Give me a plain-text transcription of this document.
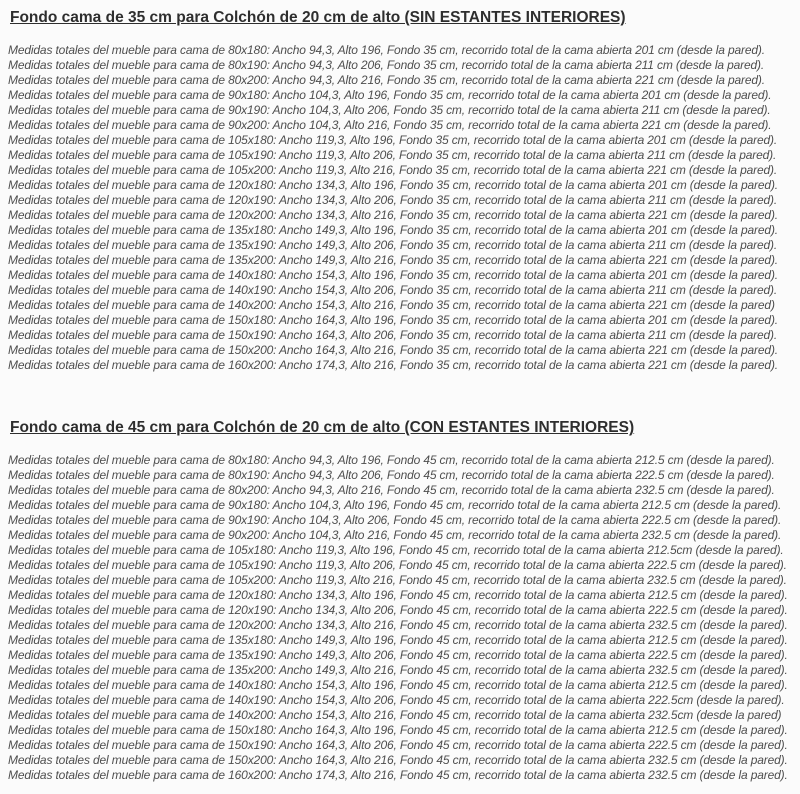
Fondo cama de 35 cm para Colchón de 20 cm de alto (SIN ESTANTES INTERIORES)

Medidas totales del mueble para cama de 80x180: Ancho 94,3, Alto 196, Fondo 35 cm, recorrido total de la cama abierta 201 cm (desde la pared).

Medidas totales del mueble para cama de 80x190: Ancho 94,3, Alto 206, Fondo 35 cm, recorrido total de la cama abierta 211 cm (desde la pared).

Medidas totales del mueble para cama de 80x200: Ancho 94,3, Alto 216, Fondo 35 cm, recorrido total de la cama abierta 221 cm (desde la pared).

Medidas totales del mueble para cama de 90x180: Ancho 104,3, Alto 196, Fondo 35 cm, recorrido total de la cama abierta 201 cm (desde la pared).

Medidas totales del mueble para cama de 90x190: Ancho 104,3, Alto 206, Fondo 35 cm, recorrido total de la cama abierta 211 cm (desde la pared).

Medidas totales del mueble para cama de 90x200: Ancho 104,3, Alto 216, Fondo 35 cm, recorrido total de la cama abierta 221 cm (desde la pared).

Medidas totales del mueble para cama de 105x180: Ancho 119,3, Alto 196, Fondo 35 cm, recorrido total de la cama abierta 201 cm (desde la pared).

Medidas totales del mueble para cama de 105x190: Ancho 119,3, Alto 206, Fondo 35 cm, recorrido total de la cama abierta 211 cm (desde la pared).

Medidas totales del mueble para cama de 105x200: Ancho 119,3, Alto 216, Fondo 35 cm, recorrido total de la cama abierta 221 cm (desde la pared).

Medidas totales del mueble para cama de 120x180: Ancho 134,3, Alto 196, Fondo 35 cm, recorrido total de la cama abierta 201 cm (desde la pared).

Medidas totales del mueble para cama de 120x190: Ancho 134,3, Alto 206, Fondo 35 cm, recorrido total de la cama abierta 211 cm (desde la pared).

Medidas totales del mueble para cama de 120x200: Ancho 134,3, Alto 216, Fondo 35 cm, recorrido total de la cama abierta 221 cm (desde la pared).

Medidas totales del mueble para cama de 135x180: Ancho 149,3, Alto 196, Fondo 35 cm, recorrido total de la cama abierta 201 cm (desde la pared).

Medidas totales del mueble para cama de 135x190: Ancho 149,3, Alto 206, Fondo 35 cm, recorrido total de la cama abierta 211 cm (desde la pared).

Medidas totales del mueble para cama de 135x200: Ancho 149,3, Alto 216, Fondo 35 cm, recorrido total de la cama abierta 221 cm (desde la pared).

Medidas totales del mueble para cama de 140x180: Ancho 154,3, Alto 196, Fondo 35 cm, recorrido total de la cama abierta 201 cm (desde la pared).

Medidas totales del mueble para cama de 140x190: Ancho 154,3, Alto 206, Fondo 35 cm, recorrido total de la cama abierta 211 cm (desde la pared).

Medidas totales del mueble para cama de 140x200: Ancho 154,3, Alto 216, Fondo 35 cm, recorrido total de la cama abierta 221 cm (desde la pared)

Medidas totales del mueble para cama de 150x180: Ancho 164,3, Alto 196, Fondo 35 cm, recorrido total de la cama abierta 201 cm (desde la pared).

Medidas totales del mueble para cama de 150x190: Ancho 164,3, Alto 206, Fondo 35 cm, recorrido total de la cama abierta 211 cm (desde la pared).

Medidas totales del mueble para cama de 150x200: Ancho 164,3, Alto 216, Fondo 35 cm, recorrido total de la cama abierta 221 cm (desde la pared).

Medidas totales del mueble para cama de 160x200: Ancho 174,3, Alto 216, Fondo 35 cm, recorrido total de la cama abierta 221 cm (desde la pared).

Fondo cama de 45 cm para Colchón de 20 cm de alto (CON ESTANTES INTERIORES)

Medidas totales del mueble para cama de 80x180: Ancho 94,3, Alto 196, Fondo 45 cm, recorrido total de la cama abierta 212.5 cm (desde la pared).

Medidas totales del mueble para cama de 80x190: Ancho 94,3, Alto 206, Fondo 45 cm, recorrido total de la cama abierta 222.5 cm (desde la pared).

Medidas totales del mueble para cama de 80x200: Ancho 94,3, Alto 216, Fondo 45 cm, recorrido total de la cama abierta 232.5 cm (desde la pared).

Medidas totales del mueble para cama de 90x180: Ancho 104,3, Alto 196, Fondo 45 cm, recorrido total de la cama abierta 212.5 cm (desde la pared).

Medidas totales del mueble para cama de 90x190: Ancho 104,3, Alto 206, Fondo 45 cm, recorrido total de la cama abierta 222.5 cm (desde la pared).

Medidas totales del mueble para cama de 90x200: Ancho 104,3, Alto 216, Fondo 45 cm, recorrido total de la cama abierta 232.5 cm (desde la pared).

Medidas totales del mueble para cama de 105x180: Ancho 119,3, Alto 196, Fondo 45 cm, recorrido total de la cama abierta 212.5cm (desde la pared).

Medidas totales del mueble para cama de 105x190: Ancho 119,3, Alto 206, Fondo 45 cm, recorrido total de la cama abierta 222.5 cm (desde la pared).

Medidas totales del mueble para cama de 105x200: Ancho 119,3, Alto 216, Fondo 45 cm, recorrido total de la cama abierta 232.5 cm (desde la pared).

Medidas totales del mueble para cama de 120x180: Ancho 134,3, Alto 196, Fondo 45 cm, recorrido total de la cama abierta 212.5 cm (desde la pared).

Medidas totales del mueble para cama de 120x190: Ancho 134,3, Alto 206, Fondo 45 cm, recorrido total de la cama abierta 222.5 cm (desde la pared).

Medidas totales del mueble para cama de 120x200: Ancho 134,3, Alto 216, Fondo 45 cm, recorrido total de la cama abierta 232.5 cm (desde la pared).

Medidas totales del mueble para cama de 135x180: Ancho 149,3, Alto 196, Fondo 45 cm, recorrido total de la cama abierta 212.5 cm (desde la pared).

Medidas totales del mueble para cama de 135x190: Ancho 149,3, Alto 206, Fondo 45 cm, recorrido total de la cama abierta 222.5 cm (desde la pared).

Medidas totales del mueble para cama de 135x200: Ancho 149,3, Alto 216, Fondo 45 cm, recorrido total de la cama abierta 232.5 cm (desde la pared).

Medidas totales del mueble para cama de 140x180: Ancho 154,3, Alto 196, Fondo 45 cm, recorrido total de la cama abierta 212.5 cm (desde la pared).

Medidas totales del mueble para cama de 140x190: Ancho 154,3, Alto 206, Fondo 45 cm, recorrido total de la cama abierta 222.5cm (desde la pared).

Medidas totales del mueble para cama de 140x200: Ancho 154,3, Alto 216, Fondo 45 cm, recorrido total de la cama abierta 232.5cm (desde la pared)

Medidas totales del mueble para cama de 150x180: Ancho 164,3, Alto 196, Fondo 45 cm, recorrido total de la cama abierta 212.5 cm (desde la pared).

Medidas totales del mueble para cama de 150x190: Ancho 164,3, Alto 206, Fondo 45 cm, recorrido total de la cama abierta 222.5 cm (desde la pared).

Medidas totales del mueble para cama de 150x200: Ancho 164,3, Alto 216, Fondo 45 cm, recorrido total de la cama abierta 232.5 cm (desde la pared).

Medidas totales del mueble para cama de 160x200: Ancho 174,3, Alto 216, Fondo 45 cm, recorrido total de la cama abierta 232.5 cm (desde la pared).
